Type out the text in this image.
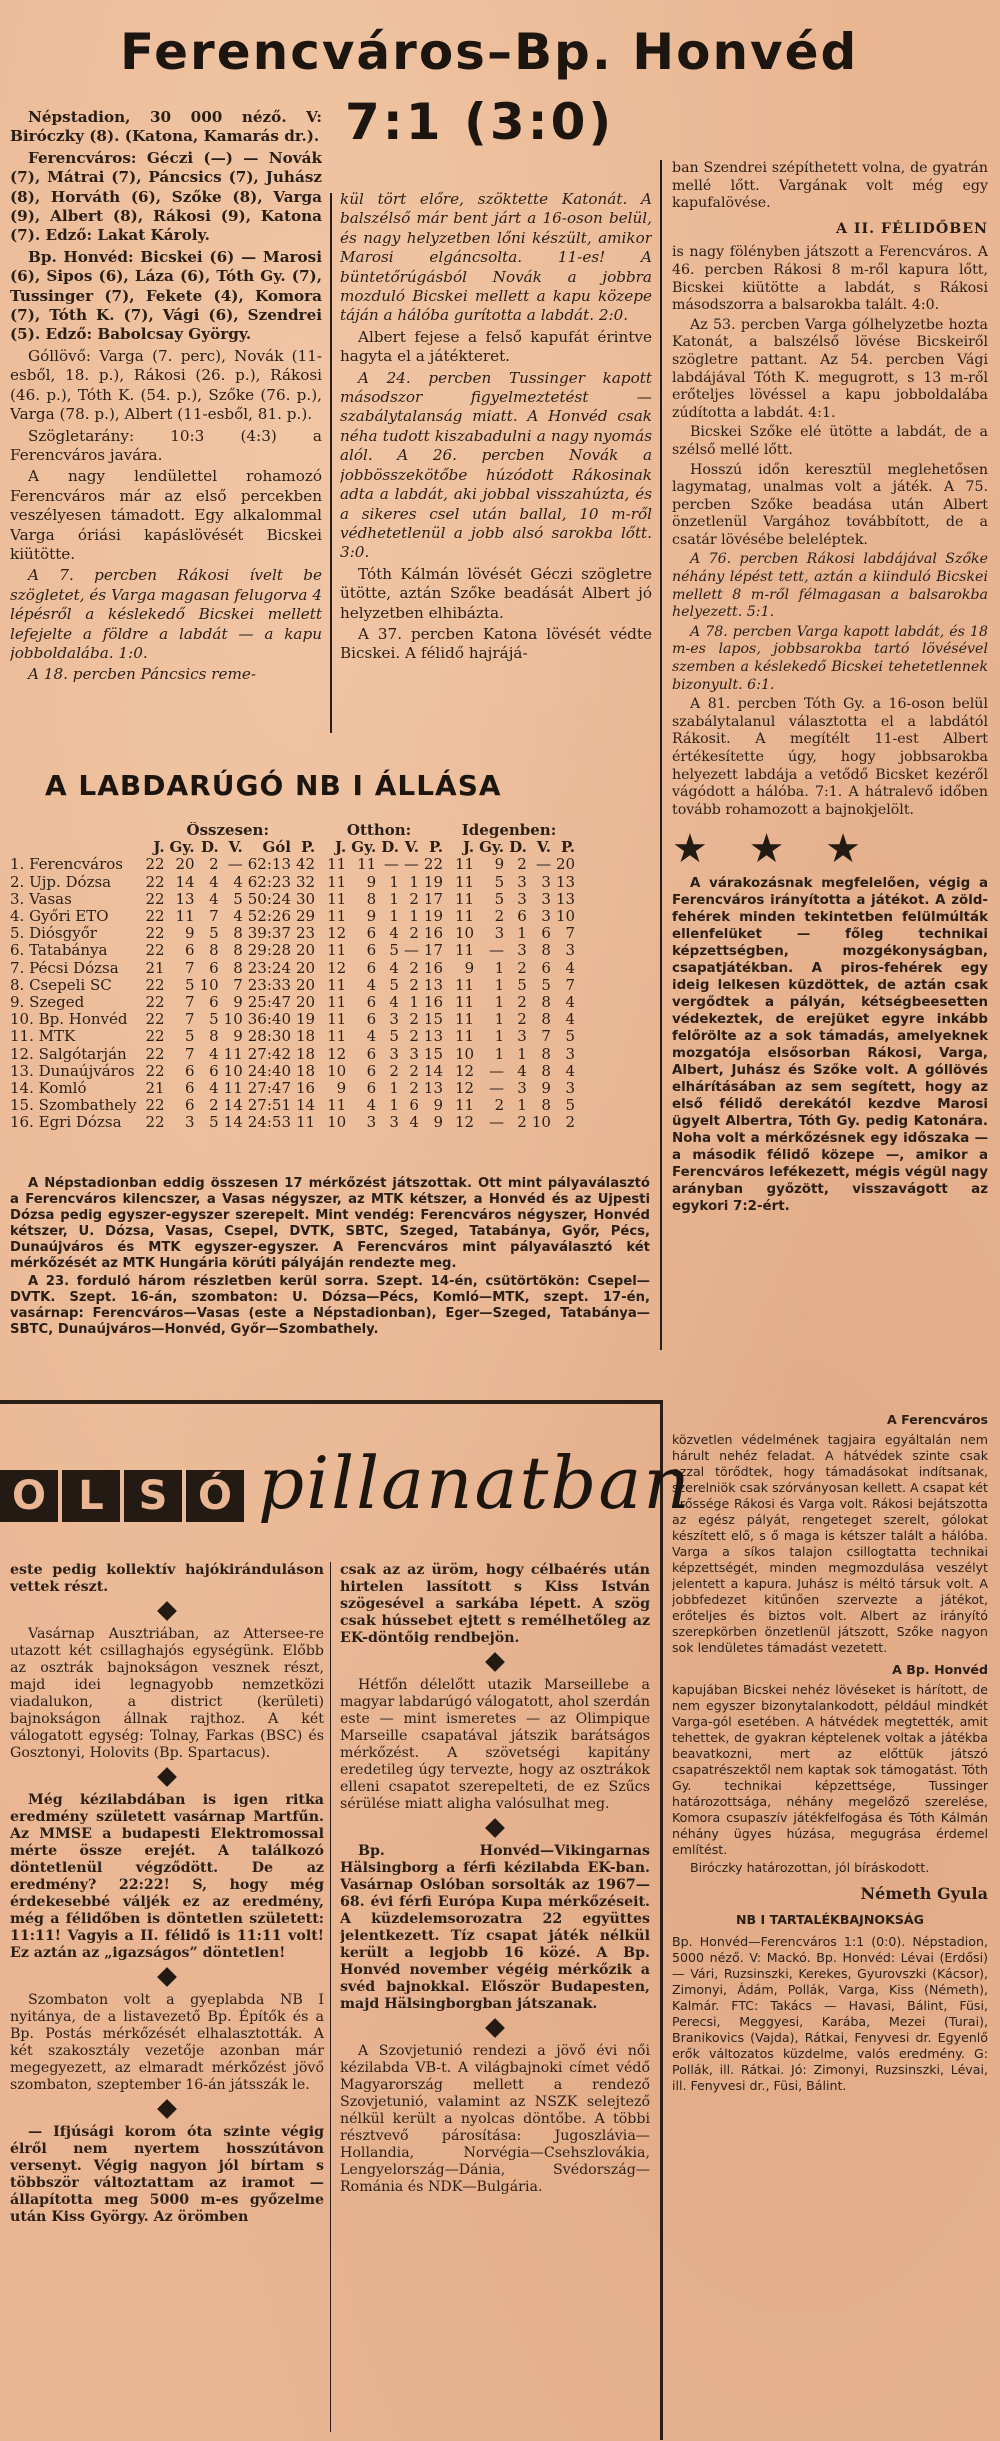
Ferencváros–Bp. Honvéd
7:1 (3:0)

Népstadion, 30 000 néző. V: Biróczky (8). (Katona, Kamarás dr.).

Ferencváros: Géczi (—) — Novák (7), Mátrai (7), Páncsics (7), Juhász (8), Horváth (6), Szőke (8), Varga (9), Albert (8), Rákosi (9), Katona (7). Edző: Lakat Károly.

Bp. Honvéd: Bicskei (6) — Marosi (6), Sipos (6), Láza (6), Tóth Gy. (7), Tussinger (7), Fekete (4), Komora (7), Tóth K. (7), Vági (6), Szendrei (5). Edző: Babolcsay György.

Góllövő: Varga (7. perc), Novák (11-esből, 18. p.), Rákosi (26. p.), Rákosi (46. p.), Tóth K. (54. p.), Szőke (76. p.), Varga (78. p.), Albert (11-esből, 81. p.).

Szögletarány: 10:3 (4:3) a Ferencváros javára.

A nagy lendülettel rohamozó Ferencváros már az első percekben veszélyesen támadott. Egy alkalommal Varga óriási kapáslövését Bicskei kiütötte.

A 7. percben Rákosi ívelt be szögletet, és Varga magasan felugorva 4 lépésről a késlekedő Bicskei mellett lefejelte a földre a labdát — a kapu jobboldalába. 1:0.

A 18. percben Páncsics reme-

kül tört előre, szöktette Katonát. A balszélső már bent járt a 16-oson belül, és nagy helyzetben lőni készült, amikor Marosi elgáncsolta. 11-es! A büntetőrúgásból Novák a jobbra mozduló Bicskei mellett a kapu közepe táján a hálóba gurította a labdát. 2:0.

Albert fejese a felső kapufát érintve hagyta el a játékteret.

A 24. percben Tussinger kapott másodszor figyelmeztetést — szabálytalanság miatt. A Honvéd csak néha tudott kiszabadulni a nagy nyomás alól. A 26. percben Novák a jobbösszekötőbe húzódott Rákosinak adta a labdát, aki jobbal visszahúzta, és a sikeres csel után ballal, 10 m-ről védhetetlenül a jobb alsó sarokba lőtt. 3:0.

Tóth Kálmán lövését Géczi szögletre ütötte, aztán Szőke beadását Albert jó helyzetben elhibázta.

A 37. percben Katona lövését védte Bicskei. A félidő hajrájá-

ban Szendrei szépíthetett volna, de gyatrán mellé lőtt. Vargának volt még egy kapufalövése.

A II. FÉLIDŐBEN

is nagy fölényben játszott a Ferencváros. A 46. percben Rákosi 8 m-ről kapura lőtt, Bicskei kiütötte a labdát, s Rákosi másodszorra a balsarokba talált. 4:0.

Az 53. percben Varga gólhelyzetbe hozta Katonát, a balszélső lövése Bicskeiről szögletre pattant. Az 54. percben Vági labdájával Tóth K. megugrott, s 13 m-ről erőteljes lövéssel a kapu jobboldalába zúdította a labdát. 4:1.

Bicskei Szőke elé ütötte a labdát, de a szélső mellé lőtt.

Hosszú időn keresztül meglehetősen lagymatag, unalmas volt a játék. A 75. percben Szőke beadása után Albert önzetlenül Vargához továbbított, de a csatár lövésébe beleléptek.

A 76. percben Rákosi labdájával Szőke néhány lépést tett, aztán a kiinduló Bicskei mellett 8 m-ről félmagasan a balsarokba helyezett. 5:1.

A 78. percben Varga kapott labdát, és 18 m-es lapos, jobbsarokba tartó lövésével szemben a késlekedő Bicskei tehetetlennek bizonyult. 6:1.

A 81. percben Tóth Gy. a 16-oson belül szabálytalanul választotta el a labdától Rákosit. A megítélt 11-est Albert értékesítette úgy, hogy jobbsarokba helyezett labdája a vetődő Bicsket kezéről vágódott a hálóba. 7:1. A hátralevő időben tovább rohamozott a bajnokjelölt.

★ ★ ★

A várakozásnak megfelelően, végig a Ferencváros irányította a játékot. A zöld-fehérek minden tekintetben felülmúlták ellenfelüket — főleg technikai képzettségben, mozgékonyságban, csapatjátékban. A piros-fehérek egy ideig lelkesen küzdöttek, de aztán csak vergődtek a pályán, kétségbeesetten védekeztek, de erejüket egyre inkább felőrölte az a sok támadás, amelyeknek mozgatója elsősorban Rákosi, Varga, Albert, Juhász és Szőke volt. A góllövés elhárításában az sem segített, hogy az első félidő derekától kezdve Marosi ügyelt Albertra, Tóth Gy. pedig Katonára. Noha volt a mérkőzésnek egy időszaka — a második félidő közepe —, amikor a Ferencváros lefékezett, mégis végül nagy arányban győzött, visszavágott az egykori 7:2-ért.

A Ferencváros

közvetlen védelmének tagjaira egyáltalán nem hárult nehéz feladat. A hátvédek szinte csak azzal törődtek, hogy támadásokat indítsanak, szerelniök csak szórványosan kellett. A csapat két erőssége Rákosi és Varga volt. Rákosi bejátszotta az egész pályát, rengeteget szerelt, gólokat készített elő, s ő maga is kétszer talált a hálóba. Varga a síkos talajon csillogtatta technikai képzettségét, minden megmozdulása veszélyt jelentett a kapura. Juhász is méltó társuk volt. A jobbfedezet kitűnően szervezte a játékot, erőteljes és biztos volt. Albert az irányító szerepkörben önzetlenül játszott, Szőke nagyon sok lendületes támadást vezetett.

A Bp. Honvéd

kapujában Bicskei nehéz lövéseket is hárított, de nem egyszer bizonytalankodott, például mindkét Varga-gól esetében. A hátvédek megtették, amit tehettek, de gyakran képtelenek voltak a játékba beavatkozni, mert az előttük játszó csapatrészektől nem kaptak sok támogatást. Tóth Gy. technikai képzettsége, Tussinger határozottsága, néhány megelőző szerelése, Komora csupaszív játékfelfogása és Tóth Kálmán néhány ügyes húzása, megugrása érdemel említést.

Biróczky határozottan, jól bíráskodott.

Németh Gyula
NB I TARTALÉKBAJNOKSÁG

Bp. Honvéd—Ferencváros 1:1 (0:0). Népstadion, 5000 néző. V: Mackó. Bp. Honvéd: Lévai (Erdősi) — Vári, Ruzsinszki, Kerekes, Gyurovszki (Kácsor), Zimonyi, Ádám, Pollák, Varga, Kiss (Németh), Kalmár. FTC: Takács — Havasi, Bálint, Füsi, Perecsi, Meggyesi, Karába, Mezei (Turai), Branikovics (Vajda), Rátkai, Fenyvesi dr. Egyenlő erők változatos küzdelme, valós eredmény. G: Pollák, ill. Rátkai. Jó: Zimonyi, Ruzsinszki, Lévai, ill. Fenyvesi dr., Füsi, Bálint.

A LABDARÚGÓ NB I ÁLLÁSA
	Összesen:						Otthon:					Idegenben:				
	J.	Gy.	D.	V.	Gól	P.	J.	Gy.	D.	V.	P.	J.	Gy.	D.	V.	P.
1. Ferencváros	22	20	2	—	62:13	42	11	11	—	—	22	11	9	2	—	20
2. Ujp. Dózsa	22	14	4	4	62:23	32	11	9	1	1	19	11	5	3	3	13
3. Vasas	22	13	4	5	50:24	30	11	8	1	2	17	11	5	3	3	13
4. Győri ETO	22	11	7	4	52:26	29	11	9	1	1	19	11	2	6	3	10
5. Diósgyőr	22	9	5	8	39:37	23	12	6	4	2	16	10	3	1	6	7
6. Tatabánya	22	6	8	8	29:28	20	11	6	5	—	17	11	—	3	8	3
7. Pécsi Dózsa	21	7	6	8	23:24	20	12	6	4	2	16	9	1	2	6	4
8. Csepeli SC	22	5	10	7	23:33	20	11	4	5	2	13	11	1	5	5	7
9. Szeged	22	7	6	9	25:47	20	11	6	4	1	16	11	1	2	8	4
10. Bp. Honvéd	22	7	5	10	36:40	19	11	6	3	2	15	11	1	2	8	4
11. MTK	22	5	8	9	28:30	18	11	4	5	2	13	11	1	3	7	5
12. Salgótarján	22	7	4	11	27:42	18	12	6	3	3	15	10	1	1	8	3
13. Dunaújváros	22	6	6	10	24:40	18	10	6	2	2	14	12	—	4	8	4
14. Komló	21	6	4	11	27:47	16	9	6	1	2	13	12	—	3	9	3
15. Szombathely	22	6	2	14	27:51	14	11	4	1	6	9	11	2	1	8	5
16. Egri Dózsa	22	3	5	14	24:53	11	10	3	3	4	9	12	—	2	10	2

A Népstadionban eddig összesen 17 mérkőzést játszottak. Ott mint pályaválasztó a Ferencváros kilencszer, a Vasas négyszer, az MTK kétszer, a Honvéd és az Ujpesti Dózsa pedig egyszer-egyszer szerepelt. Mint vendég: Ferencváros négyszer, Honvéd kétszer, U. Dózsa, Vasas, Csepel, DVTK, SBTC, Szeged, Tatabánya, Győr, Pécs, Dunaújváros és MTK egyszer-egyszer. A Ferencváros mint pályaválasztó két mérkőzését az MTK Hungária körúti pályáján rendezte meg.

A 23. forduló három részletben kerül sorra. Szept. 14-én, csütörtökön: Csepel—DVTK. Szept. 16-án, szombaton: U. Dózsa—Pécs, Komló—MTK, szept. 17-én, vasárnap: Ferencváros—Vasas (este a Népstadionban), Eger—Szeged, Tatabánya—SBTC, Dunaújváros—Honvéd, Győr—Szombathely.

O L S Ó pillanatban

este pedig kollektív hajókiránduláson vettek részt.

Vasárnap Ausztriában, az Attersee-re utazott két csillaghajós egységünk. Előbb az osztrák bajnokságon vesznek részt, majd idei legnagyobb nemzetközi viadalukon, a district (kerületi) bajnokságon állnak rajthoz. A két válogatott egység: Tolnay, Farkas (BSC) és Gosztonyi, Holovits (Bp. Spartacus).

Még kézilabdában is igen ritka eredmény született vasárnap Martfűn. Az MMSE a budapesti Elektromossal mérte össze erejét. A találkozó döntetlenül végződött. De az eredmény? 22:22! S, hogy még érdekesebbé váljék ez az eredmény, még a félidőben is döntetlen született: 11:11! Vagyis a II. félidő is 11:11 volt! Ez aztán az „igazságos” döntetlen!

Szombaton volt a gyeplabda NB I nyitánya, de a listavezető Bp. Építők és a Bp. Postás mérkőzését elhalasztották. A két szakosztály vezetője azonban már megegyezett, az elmaradt mérkőzést jövő szombaton, szeptember 16-án játsszák le.

— Ifjúsági korom óta szinte végig élről nem nyertem hosszútávon versenyt. Végig nagyon jól bírtam s többször változtattam az iramot — állapította meg 5000 m-es győzelme után Kiss György. Az örömben

csak az az üröm, hogy célbaérés után hirtelen lassított s Kiss István szögesével a sarkába lépett. A szög csak hússebet ejtett s remélhetőleg az EK-döntőig rendbejön.

Hétfőn délelőtt utazik Marseillebe a magyar labdarúgó válogatott, ahol szerdán este — mint ismeretes — az Olimpique Marseille csapatával játszik barátságos mérkőzést. A szövetségi kapitány eredetileg úgy tervezte, hogy az osztrákok elleni csapatot szerepelteti, de ez Szűcs sérülése miatt aligha valósulhat meg.

Bp. Honvéd—Vikingarnas Hälsingborg a férfi kézilabda EK-ban. Vasárnap Oslóban sorsolták az 1967—68. évi férfi Európa Kupa mérkőzéseit. A küzdelemsorozatra 22 együttes jelentkezett. Tíz csapat játék nélkül került a legjobb 16 közé. A Bp. Honvéd november végéig mérkőzik a svéd bajnokkal. Először Budapesten, majd Hälsingborgban játszanak.

A Szovjetunió rendezi a jövő évi női kézilabda VB-t. A világbajnoki címet védő Magyarország mellett a rendező Szovjetunió, valamint az NSZK selejtező nélkül került a nyolcas döntőbe. A többi résztvevő párosítása: Jugoszlávia—Hollandia, Norvégia—Csehszlovákia, Lengyelország—Dánia, Svédország—Románia és NDK—Bulgária.
